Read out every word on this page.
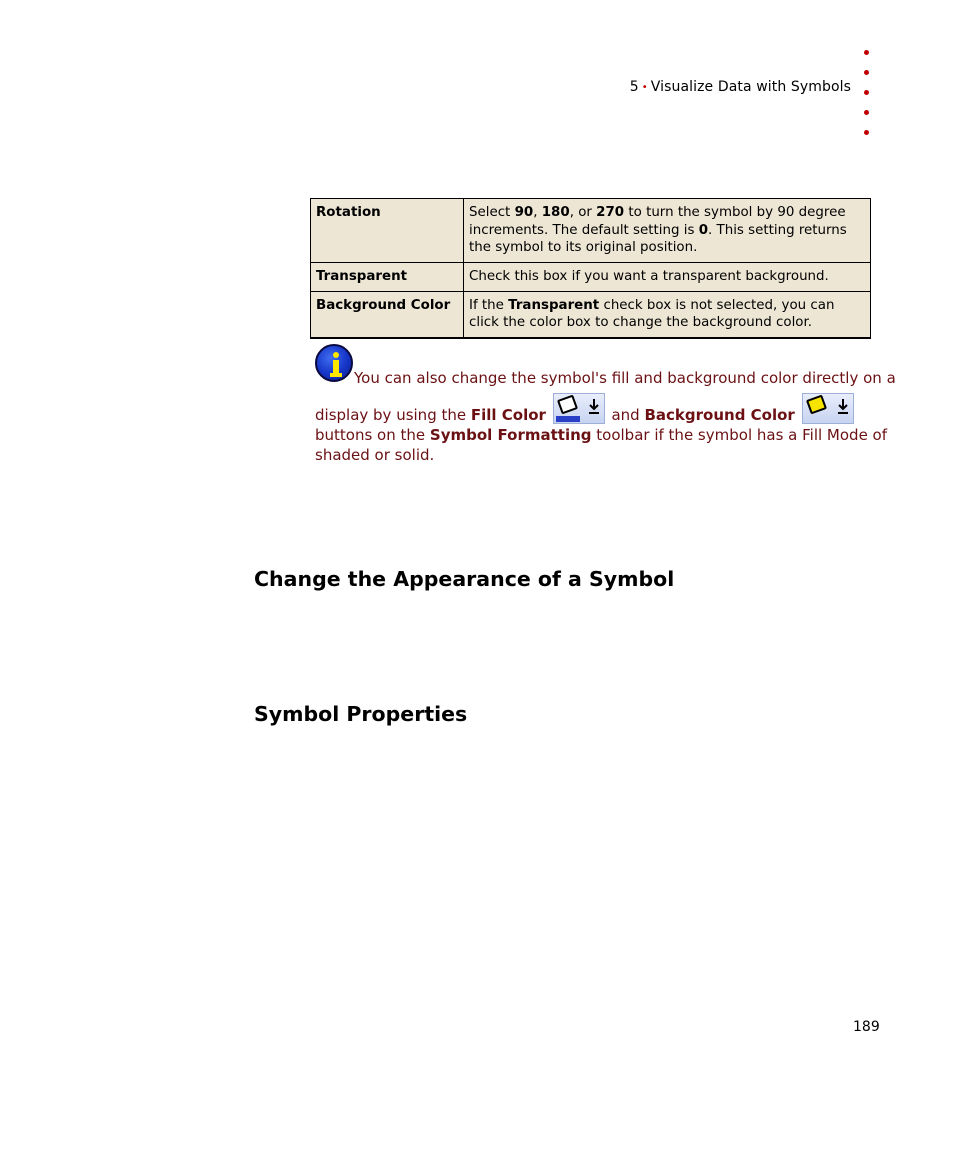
5 • Visualize Data with Symbols
Rotation	Select 90, 180, or 270 to turn the symbol by 90 degree increments. The default setting is 0. This setting returns the symbol to its original position.
Transparent	Check this box if you want a transparent background.
Background Color	If the Transparent check box is not selected, you can click the color box to change the background color.
You can also change the symbol's fill and background color directly on a
display by using the Fill Color	and Background Color
buttons on the Symbol Formatting toolbar if the symbol has a Fill Mode of
shaded or solid.
Change the Appearance of a Symbol
Symbol Properties
189
